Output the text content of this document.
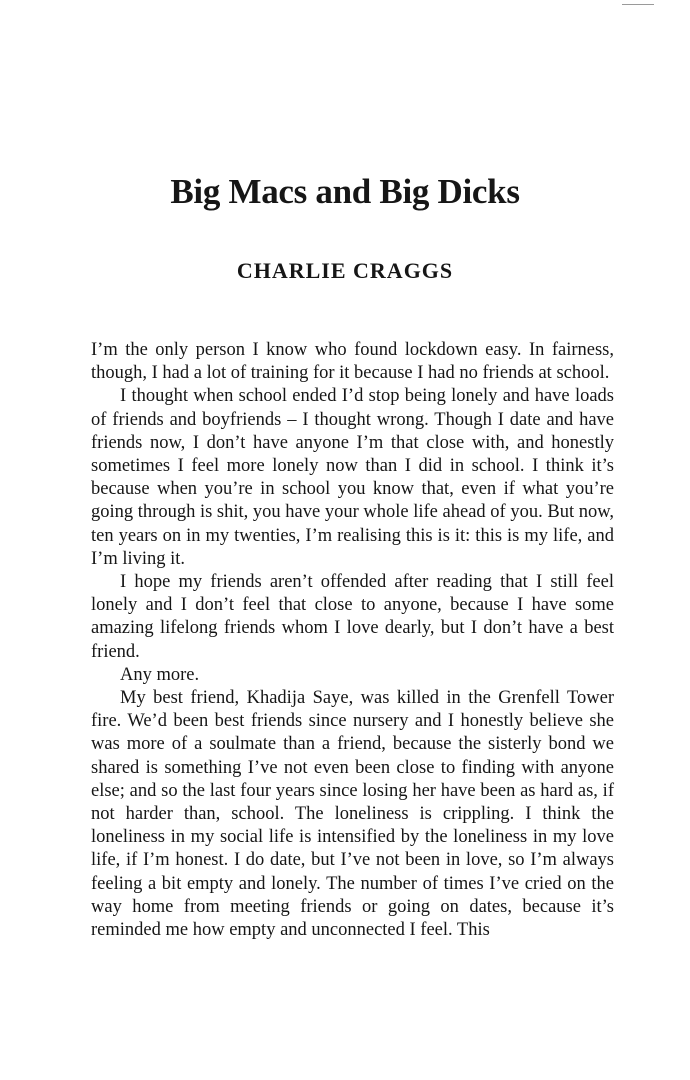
Big Macs and Big Dicks
CHARLIE CRAGGS

I’m the only person I know who found lockdown easy. In fairness, though, I had a lot of training for it because I had no friends at school.

I thought when school ended I’d stop being lonely and have loads of friends and boyfriends – I thought wrong. Though I date and have friends now, I don’t have anyone I’m that close with, and honestly sometimes I feel more lonely now than I did in school. I think it’s because when you’re in school you know that, even if what you’re going through is shit, you have your whole life ahead of you. But now, ten years on in my twenties, I’m realising this is it: this is my life, and I’m living it.

I hope my friends aren’t offended after reading that I still feel lonely and I don’t feel that close to anyone, because I have some amazing lifelong friends whom I love dearly, but I don’t have a best friend.

Any more.

My best friend, Khadija Saye, was killed in the Grenfell Tower fire. We’d been best friends since nursery and I honestly believe she was more of a soulmate than a friend, because the sisterly bond we shared is something I’ve not even been close to finding with anyone else; and so the last four years since losing her have been as hard as, if not harder than, school. The loneliness is crippling. I think the loneliness in my social life is intensified by the loneliness in my love life, if I’m honest. I do date, but I’ve not been in love, so I’m always feeling a bit empty and lonely. The number of times I’ve cried on the way home from meeting friends or going on dates, because it’s reminded me how empty and unconnected I feel. This
